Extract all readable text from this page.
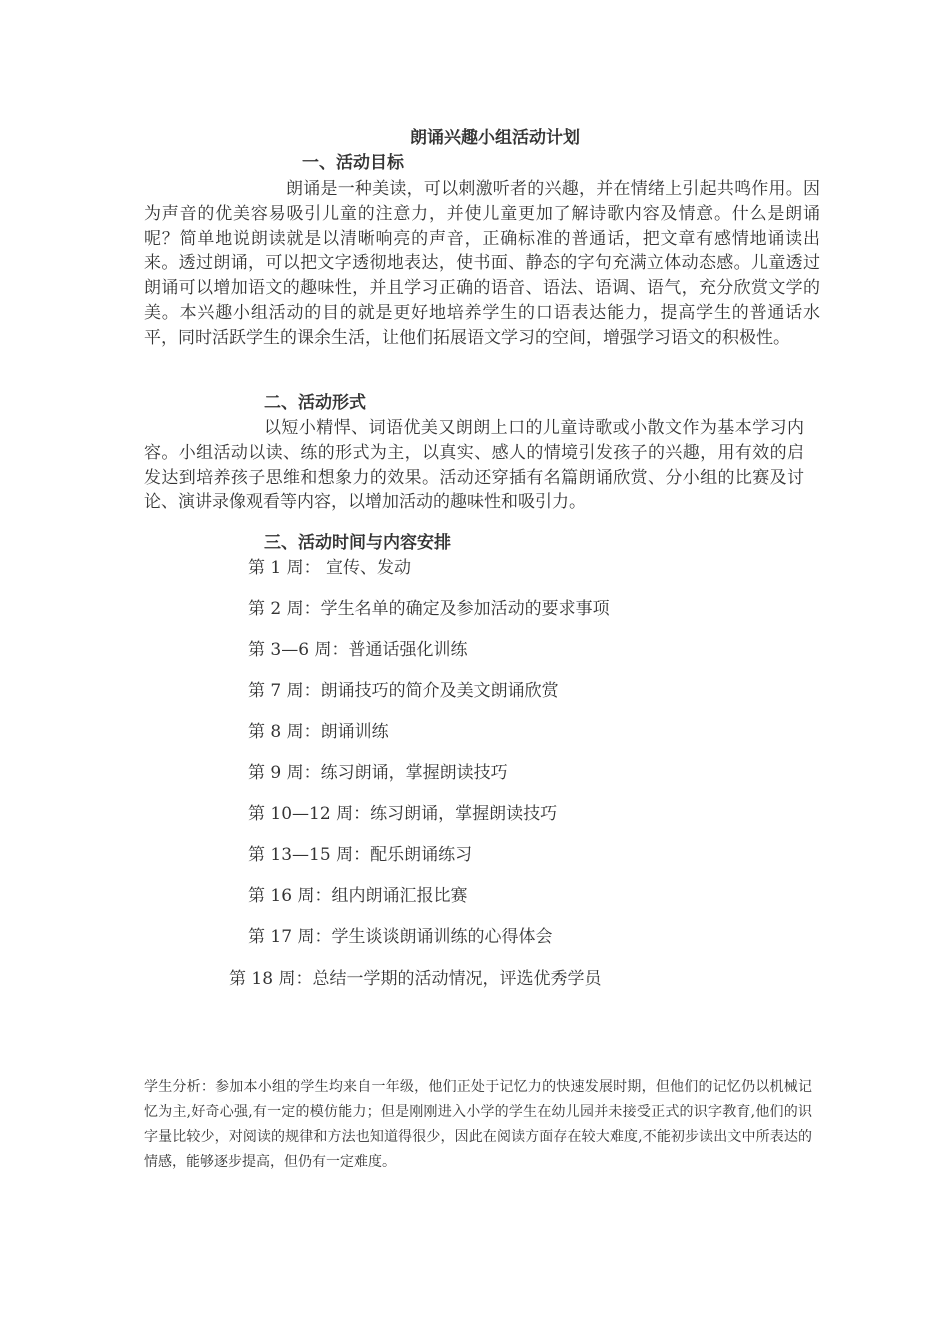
朗诵兴趣小组活动计划
一、活动目标
朗诵是一种美读，可以刺激听者的兴趣，并在情绪上引起共鸣作用。因为声音的优美容易吸引儿童的注意力，并使儿童更加了解诗歌内容及情意。什么是朗诵呢？简单地说朗读就是以清晰响亮的声音，正确标准的普通话，把文章有感情地诵读出来。透过朗诵，可以把文字透彻地表达，使书面、静态的字句充满立体动态感。儿童透过朗诵可以增加语文的趣味性，并且学习正确的语音、语法、语调、语气，充分欣赏文学的美。本兴趣小组活动的目的就是更好地培养学生的口语表达能力，提高学生的普通话水平，同时活跃学生的课余生活，让他们拓展语文学习的空间，增强学习语文的积极性。
二、活动形式
以短小精悍、词语优美又朗朗上口的儿童诗歌或小散文作为基本学习内容。小组活动以读、练的形式为主，以真实、感人的情境引发孩子的兴趣，用有效的启发达到培养孩子思维和想象力的效果。活动还穿插有名篇朗诵欣赏、分小组的比赛及讨论、演讲录像观看等内容，以增加活动的趣味性和吸引力。
三、活动时间与内容安排
第 1 周： 宣传、发动
第 2 周：学生名单的确定及参加活动的要求事项
第 3—6 周：普通话强化训练
第 7 周：朗诵技巧的简介及美文朗诵欣赏
第 8 周：朗诵训练
第 9 周：练习朗诵，掌握朗读技巧
第 10—12 周：练习朗诵，掌握朗读技巧
第 13—15 周：配乐朗诵练习
第 16 周：组内朗诵汇报比赛
第 17 周：学生谈谈朗诵训练的心得体会
第 18 周：总结一学期的活动情况，评选优秀学员
学生分析：参加本小组的学生均来自一年级，他们正处于记忆力的快速发展时期，但他们的记忆仍以机械记忆为主,好奇心强,有一定的模仿能力；但是刚刚进入小学的学生在幼儿园并未接受正式的识字教育,他们的识字量比较少，对阅读的规律和方法也知道得很少，因此在阅读方面存在较大难度,不能初步读出文中所表达的情感，能够逐步提高，但仍有一定难度。
